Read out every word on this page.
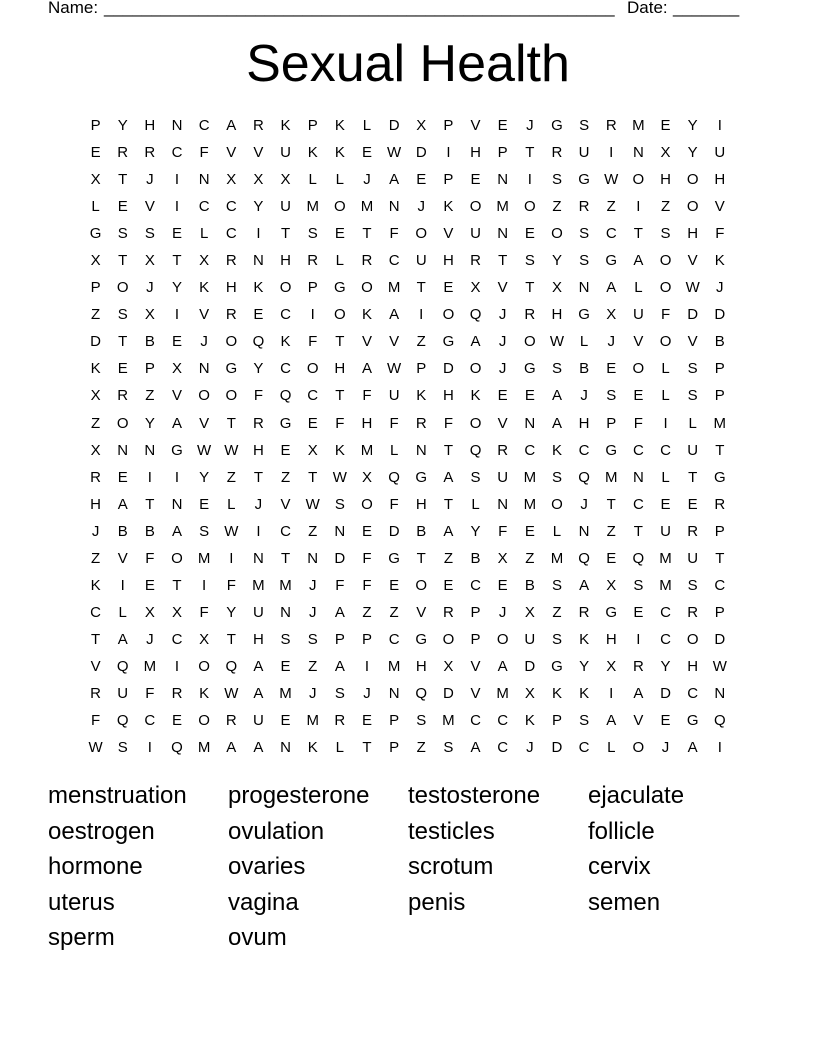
Name: ______________________________________________________ Date: _______
Sexual Health
P	Y	H	N	C	A	R	K	P	K	L	D	X	P	V	E	J	G	S	R	M	E	Y	I
E	R	R	C	F	V	V	U	K	K	E	W D	I	H	P	T	R	U	I	N	X	Y	U
X	T	J	I	N	X	X	X	L	L	J	A	E	P	E	N	I	S	G W O	H	O	H
L	E	V	I	C	C	Y	U	M	O	M	N	J	K	O	M	O	Z	R	Z	I	Z	O	V
G	S	S	E	L	C	I	T	S	E	T	F	O	V	U	N	E	O	S	C	T	S	H	F
X	T	X	T	X	R	N	H	R	L	R	C	U	H	R	T	S	Y	S	G	A	O	V	K
P	O	J	Y	K	H	K	O	P	G	O	M	T	E	X	V	T	X	N	A	L	O W	J
Z	S	X	I	V	R	E	C	I	O	K	A	I	O	Q	J	R	H	G	X	U	F	D	D
D	T	B	E	J	O	Q	K	F	T	V	V	Z	G	A	J	O W	L	J	V	O	V	B
K	E	P	X	N	G	Y	C	O	H	A	W	P	D	O	J	G	S	B	E	O	L	S	P
X	R	Z	V	O	O	F	Q	C	T	F	U	K	H	K	E	E	A	J	S	E	L	S	P
Z	O	Y	A	V	T	R	G	E	F	H	F	R	F	O	V	N	A	H	P	F	I	L	M
X	N	N	G W W H	E	X	K	M	L	N	T	Q	R	C	K	C	G	C	C	U	T
R	E	I	I	Y	Z	T	Z	T	W	X	Q	G	A	S	U	M	S	Q	M	N	L	T	G
H	A	T	N	E	L	J	V	W	S	O	F	H	T	L	N	M	O	J	T	C	E	E	R
J	B	B	A	S	W	I	C	Z	N	E	D	B	A	Y	F	E	L	N	Z	T	U	R	P
Z	V	F	O	M	I	N	T	N	D	F	G	T	Z	B	X	Z	M	Q	E	Q	M	U	T
K	I	E	T	I	F	M M	J	F	F	E	O	E	C	E	B	S	A	X	S	M	S	C
C	L	X	X	F	Y	U	N	J	A	Z	Z	V	R	P	J	X	Z	R	G	E	C	R	P
T	A	J	C	X	T	H	S	S	P	P	C	G	O	P	O	U	S	K	H	I	C	O	D
V	Q	M	I	O	Q	A	E	Z	A	I	M	H	X	V	A	D	G	Y	X	R	Y	H W
R	U	F	R	K	W	A	M	J	S	J	N	Q	D	V	M	X	K	K	I	A	D	C	N
F	Q	C	E	O	R	U	E	M	R	E	P	S	M	C	C	K	P	S	A	V	E	G	Q
W	S	I	Q	M	A	A	N	K	L	T	P	Z	S	A	C	J	D	C	L	O	J	A	I
menstruation	progesterone	testosterone	ejaculate
oestrogen	ovulation	testicles	follicle
hormone	ovaries	scrotum	cervix
uterus	vagina	penis	semen
sperm	ovum
